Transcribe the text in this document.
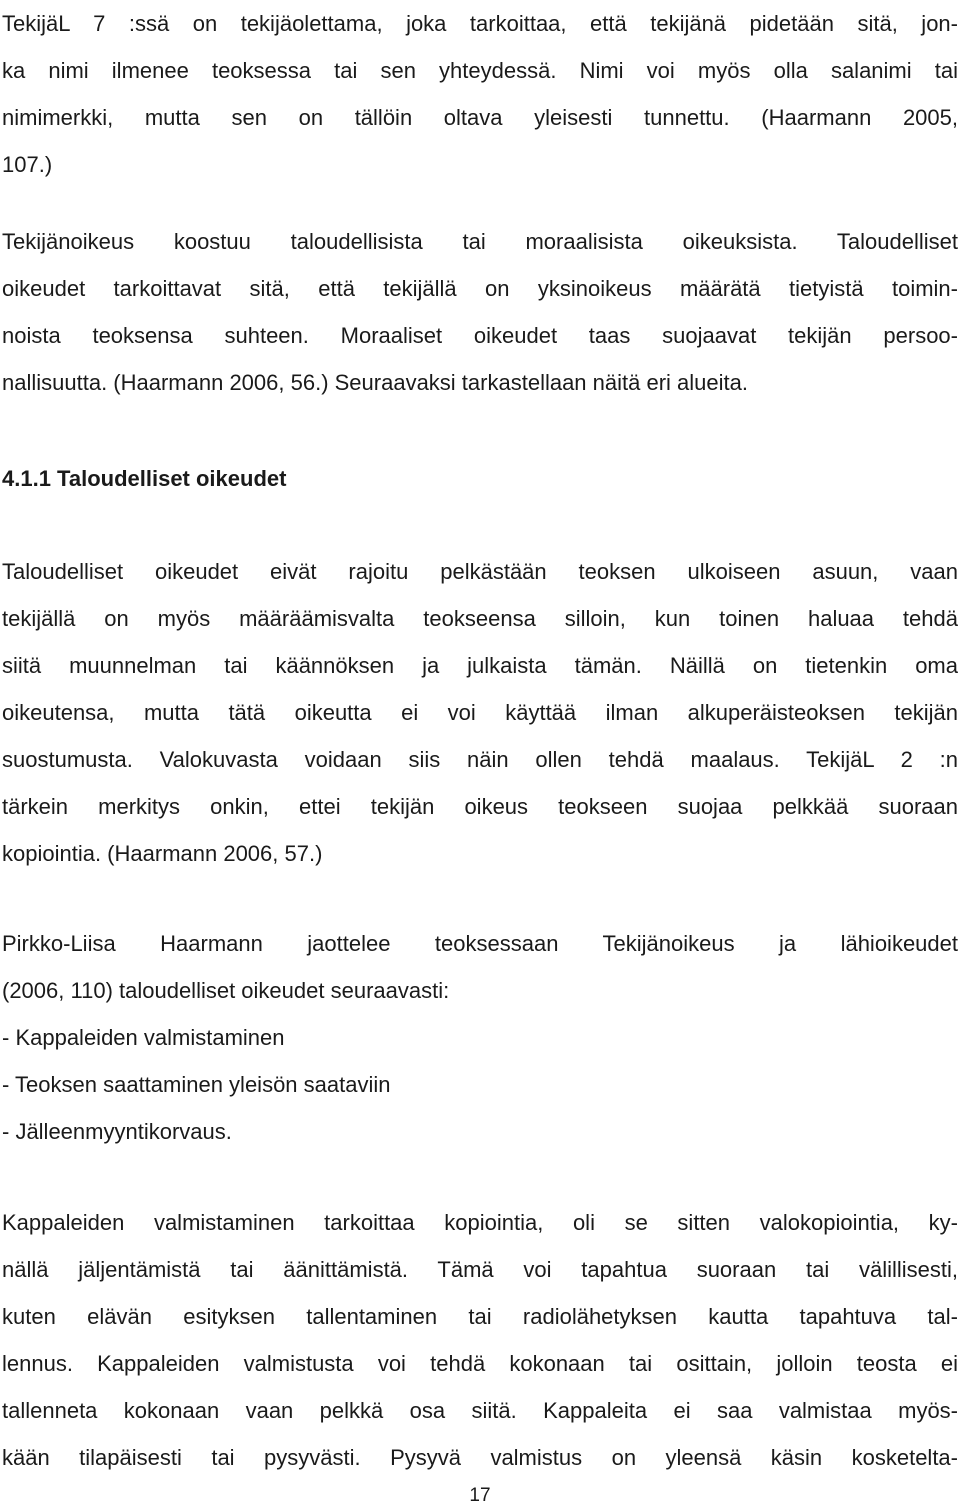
TekijäL 7 :ssä on tekijäolettama, joka tarkoittaa, että tekijänä pidetään sitä, jon-
ka nimi ilmenee teoksessa tai sen yhteydessä. Nimi voi myös olla salanimi tai
nimimerkki, mutta sen on tällöin oltava yleisesti tunnettu. (Haarmann 2005,
107.)
Tekijänoikeus koostuu taloudellisista tai moraalisista oikeuksista. Taloudelliset
oikeudet tarkoittavat sitä, että tekijällä on yksinoikeus määrätä tietyistä toimin-
noista teoksensa suhteen. Moraaliset oikeudet taas suojaavat tekijän persoo-
nallisuutta. (Haarmann 2006, 56.) Seuraavaksi tarkastellaan näitä eri alueita.
4.1.1 Taloudelliset oikeudet
Taloudelliset oikeudet eivät rajoitu pelkästään teoksen ulkoiseen asuun, vaan
tekijällä on myös määräämisvalta teokseensa silloin, kun toinen haluaa tehdä
siitä muunnelman tai käännöksen ja julkaista tämän. Näillä on tietenkin oma
oikeutensa, mutta tätä oikeutta ei voi käyttää ilman alkuperäisteoksen tekijän
suostumusta. Valokuvasta voidaan siis näin ollen tehdä maalaus. TekijäL 2 :n
tärkein merkitys onkin, ettei tekijän oikeus teokseen suojaa pelkkää suoraan
kopiointia. (Haarmann 2006, 57.)
Pirkko-Liisa Haarmann jaottelee teoksessaan Tekijänoikeus ja lähioikeudet
(2006, 110) taloudelliset oikeudet seuraavasti:
- Kappaleiden valmistaminen
- Teoksen saattaminen yleisön saataviin
- Jälleenmyyntikorvaus.
Kappaleiden valmistaminen tarkoittaa kopiointia, oli se sitten valokopiointia, ky-
nällä jäljentämistä tai äänittämistä. Tämä voi tapahtua suoraan tai välillisesti,
kuten elävän esityksen tallentaminen tai radiolähetyksen kautta tapahtuva tal-
lennus. Kappaleiden valmistusta voi tehdä kokonaan tai osittain, jolloin teosta ei
tallenneta kokonaan vaan pelkkä osa siitä. Kappaleita ei saa valmistaa myös-
kään tilapäisesti tai pysyvästi. Pysyvä valmistus on yleensä käsin kosketelta-
17
